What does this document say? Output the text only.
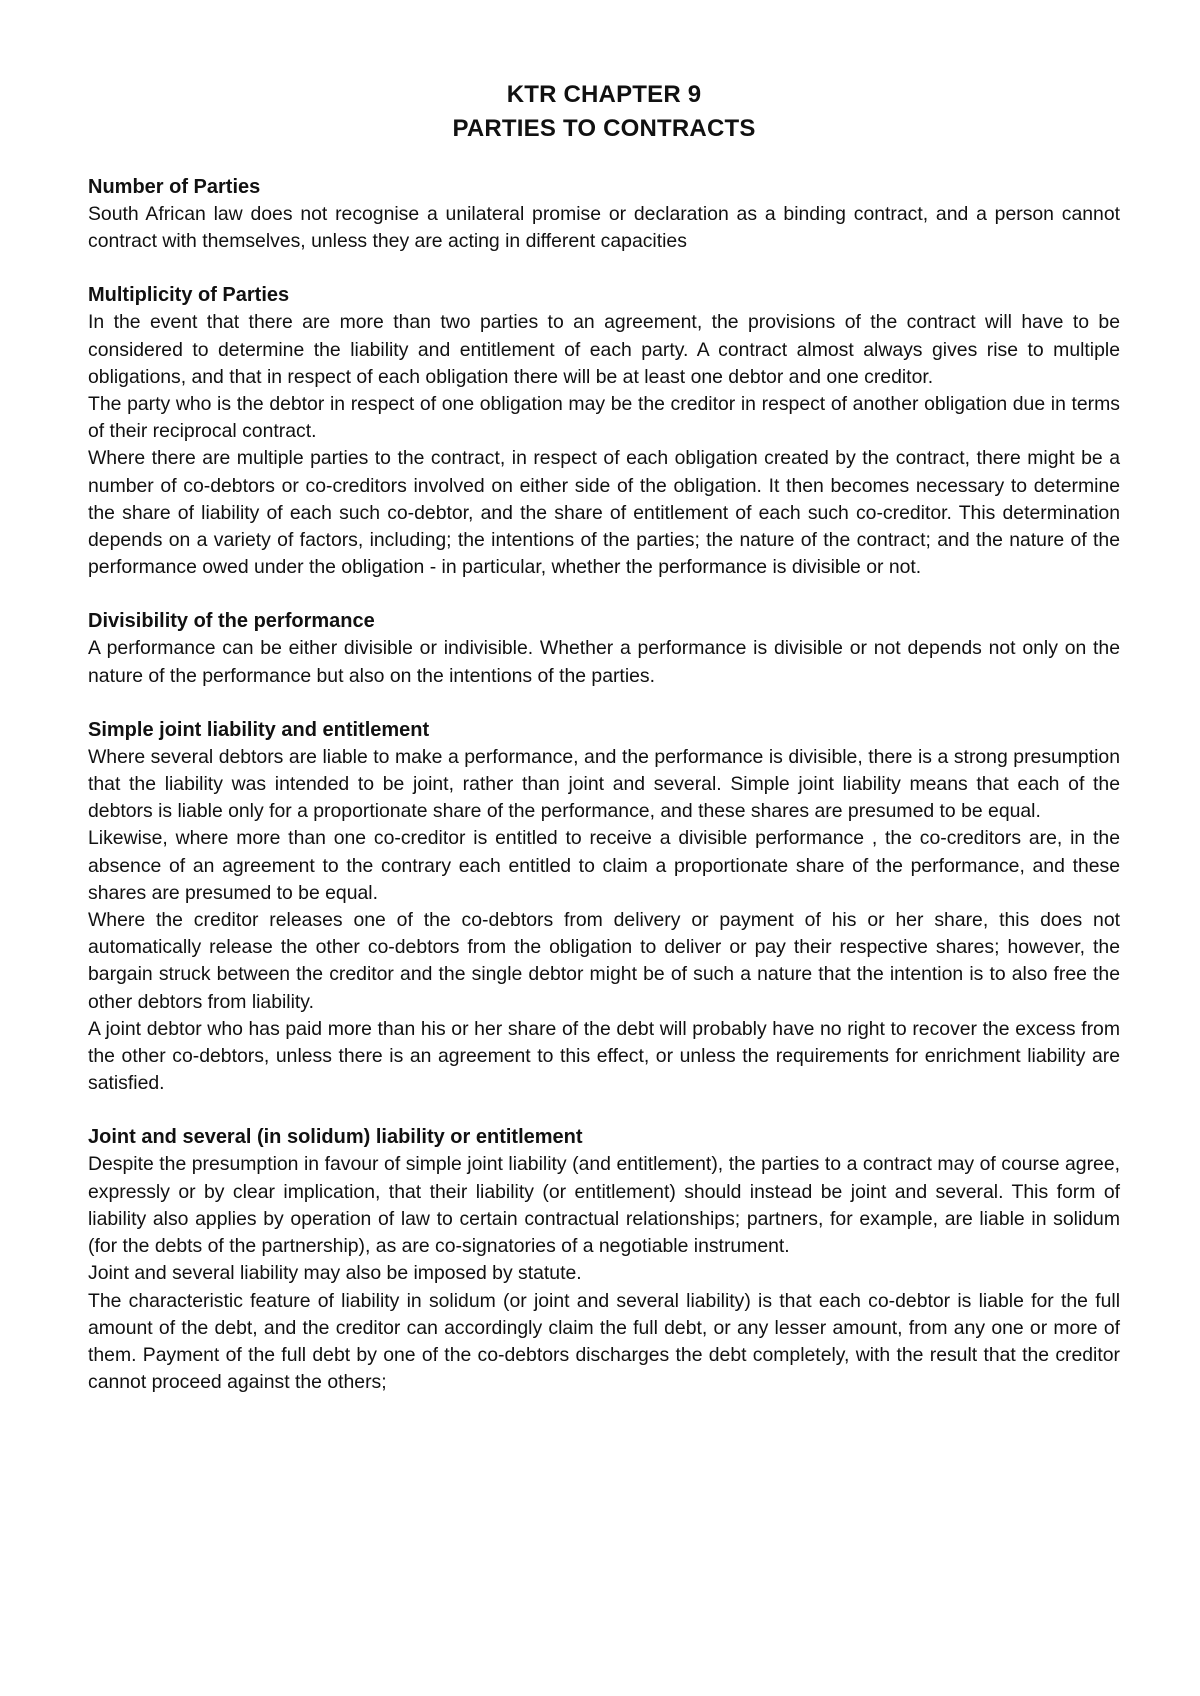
KTR CHAPTER 9
PARTIES TO CONTRACTS
Number of Parties

South African law does not recognise a unilateral promise or declaration as a binding contract, and a person cannot contract with themselves, unless they are acting in different capacities

Multiplicity of Parties

In the event that there are more than two parties to an agreement, the provisions of the contract will have to be considered to determine the liability and entitlement of each party. A contract almost always gives rise to multiple obligations, and that in respect of each obligation there will be at least one debtor and one creditor.

The party who is the debtor in respect of one obligation may be the creditor in respect of another obligation due in terms of their reciprocal contract.

Where there are multiple parties to the contract, in respect of each obligation created by the contract, there might be a number of co-debtors or co-creditors involved on either side of the obligation. It then becomes necessary to determine the share of liability of each such co-debtor, and the share of entitlement of each such co-creditor. This determination depends on a variety of factors, including; the intentions of the parties; the nature of the contract; and the nature of the performance owed under the obligation - in particular, whether the performance is divisible or not.

Divisibility of the performance

A performance can be either divisible or indivisible. Whether a performance is divisible or not depends not only on the nature of the performance but also on the intentions of the parties.

Simple joint liability and entitlement

Where several debtors are liable to make a performance, and the performance is divisible, there is a strong presumption that the liability was intended to be joint, rather than joint and several. Simple joint liability means that each of the debtors is liable only for a proportionate share of the performance, and these shares are presumed to be equal.

Likewise, where more than one co-creditor is entitled to receive a divisible performance , the co-creditors are, in the absence of an agreement to the contrary each entitled to claim a proportionate share of the performance, and these shares are presumed to be equal.

Where the creditor releases one of the co-debtors from delivery or payment of his or her share, this does not automatically release the other co-debtors from the obligation to deliver or pay their respective shares; however, the bargain struck between the creditor and the single debtor might be of such a nature that the intention is to also free the other debtors from liability.

A joint debtor who has paid more than his or her share of the debt will probably have no right to recover the excess from the other co-debtors, unless there is an agreement to this effect, or unless the requirements for enrichment liability are satisfied.

Joint and several (in solidum) liability or entitlement

Despite the presumption in favour of simple joint liability (and entitlement), the parties to a contract may of course agree, expressly or by clear implication, that their liability (or entitlement) should instead be joint and several. This form of liability also applies by operation of law to certain contractual relationships; partners, for example, are liable in solidum (for the debts of the partnership), as are co-signatories of a negotiable instrument.

Joint and several liability may also be imposed by statute.

The characteristic feature of liability in solidum (or joint and several liability) is that each co-debtor is liable for the full amount of the debt, and the creditor can accordingly claim the full debt, or any lesser amount, from any one or more of them. Payment of the full debt by one of the co-debtors discharges the debt completely, with the result that the creditor cannot proceed against the others;
